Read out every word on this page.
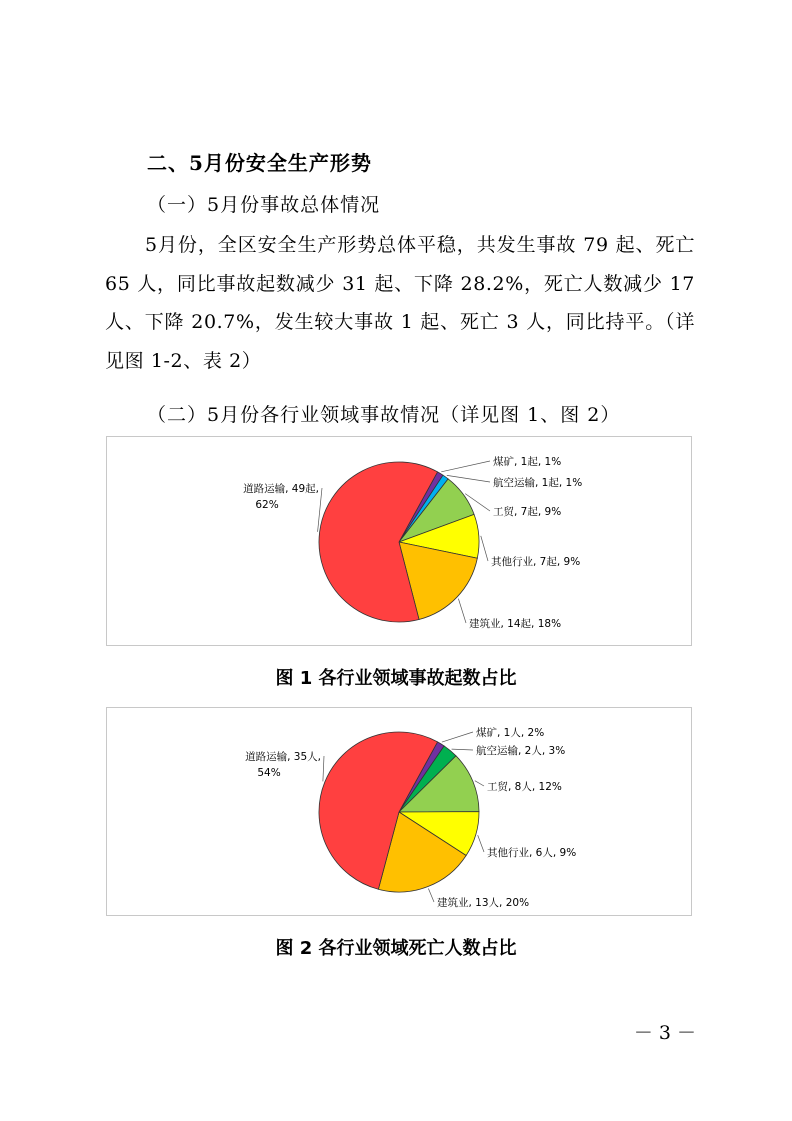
二、5月份安全生产形势
（一）5月份事故总体情况
5月份，全区安全生产形势总体平稳，共发生事故 79 起、死亡 65 人，同比事故起数减少 31 起、下降 28.2%，死亡人数减少 17 人、下降 20.7%，发生较大事故 1 起、死亡 3 人，同比持平。（详见图 1-2、表 2）
（二）5月份各行业领域事故情况（详见图 1、图 2）
煤矿, 1起, 1%
航空运输, 1起, 1%
工贸, 7起, 9%
其他行业, 7起, 9%
建筑业, 14起, 18%
道路运输, 49起,
62%
图 1 各行业领域事故起数占比
煤矿, 1人, 2%
航空运输, 2人, 3%
工贸, 8人, 12%
其他行业, 6人, 9%
建筑业, 13人, 20%
道路运输, 35人,
54%
图 2 各行业领域死亡人数占比
－ 3 －
